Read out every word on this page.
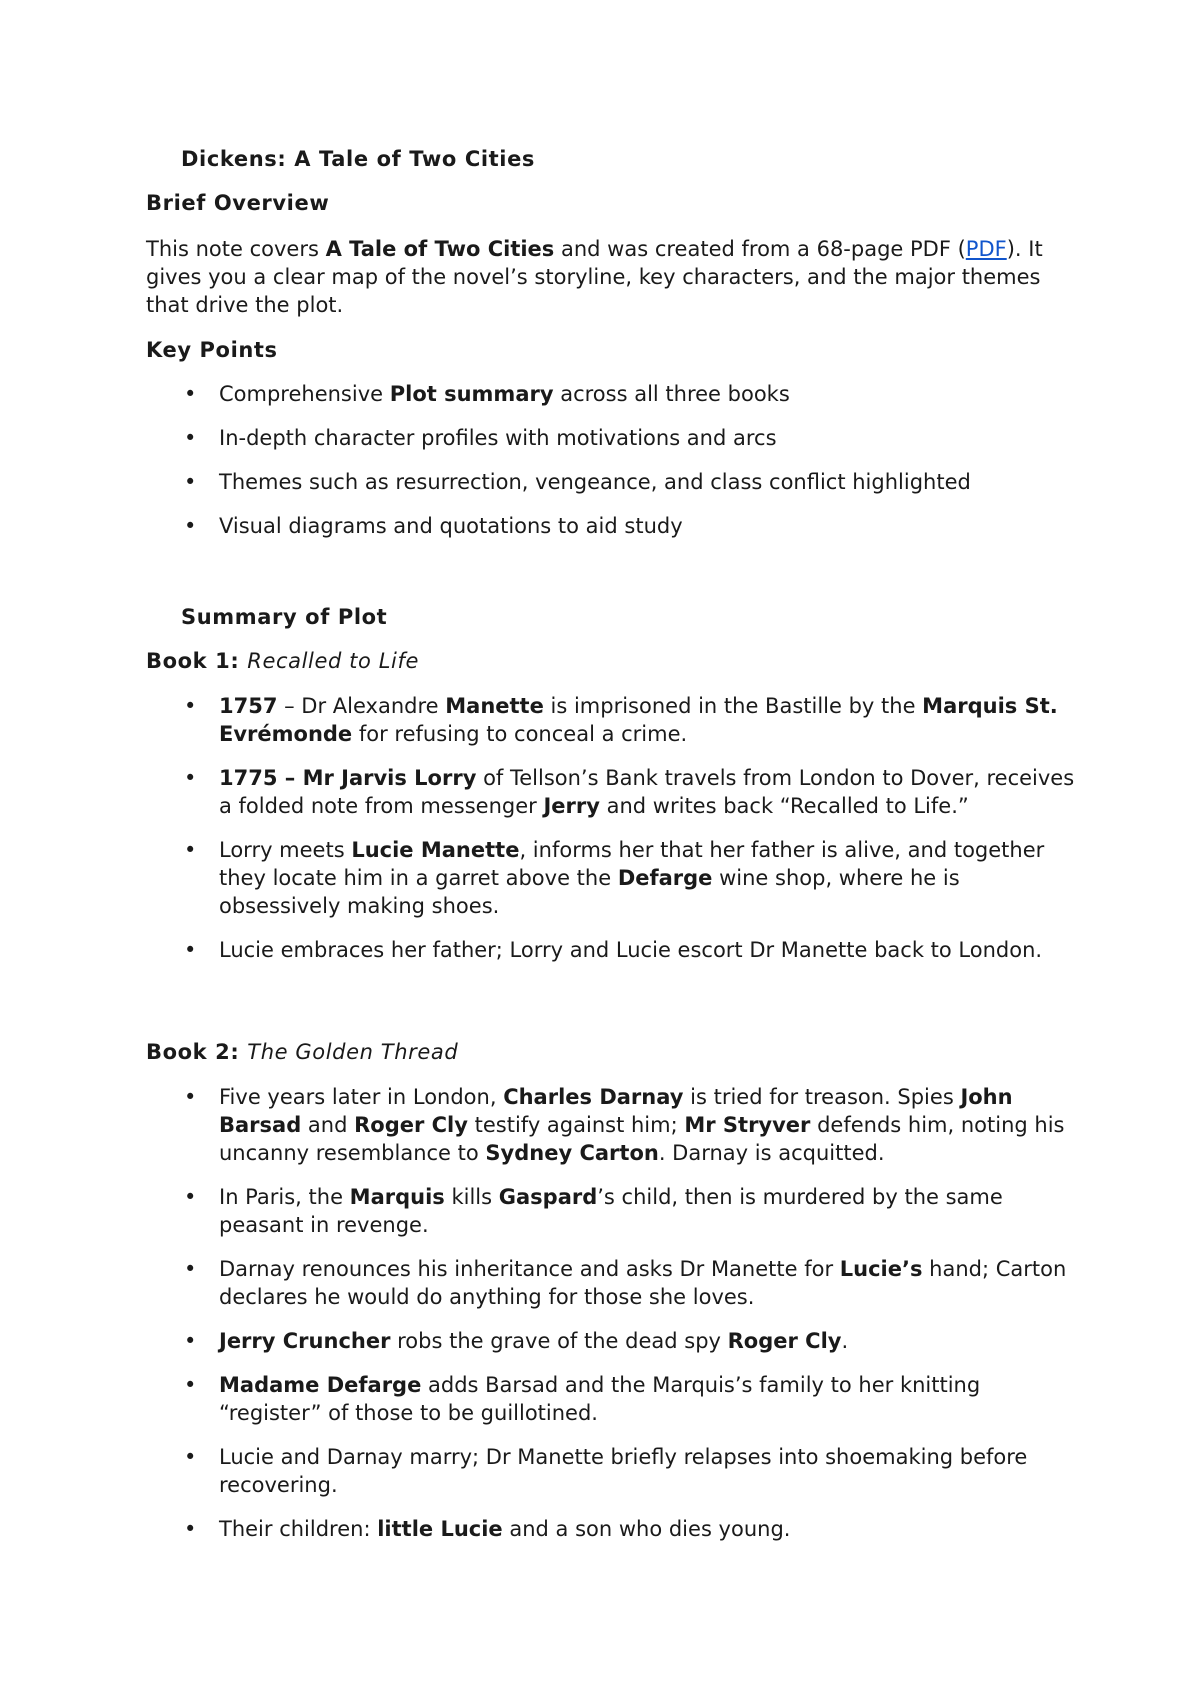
Dickens: A Tale of Two Cities
Brief Overview

This note covers A Tale of Two Cities and was created from a 68-page PDF (PDF). It gives you a clear map of the novel’s storyline, key characters, and the major themes that drive the plot.

Key Points
• Comprehensive Plot summary across all three books
• In-depth character profiles with motivations and arcs
• Themes such as resurrection, vengeance, and class conflict highlighted
• Visual diagrams and quotations to aid study
Summary of Plot
Book 1: Recalled to Life
• 1757 – Dr Alexandre Manette is imprisoned in the Bastille by the Marquis St. Evrémonde for refusing to conceal a crime.
• 1775 – Mr Jarvis Lorry of Tellson’s Bank travels from London to Dover, receives a folded note from messenger Jerry and writes back “Recalled to Life.”
• Lorry meets Lucie Manette, informs her that her father is alive, and together they locate him in a garret above the Defarge wine shop, where he is obsessively making shoes.
• Lucie embraces her father; Lorry and Lucie escort Dr Manette back to London.
Book 2: The Golden Thread
• Five years later in London, Charles Darnay is tried for treason. Spies John Barsad and Roger Cly testify against him; Mr Stryver defends him, noting his uncanny resemblance to Sydney Carton. Darnay is acquitted.
• In Paris, the Marquis kills Gaspard’s child, then is murdered by the same peasant in revenge.
• Darnay renounces his inheritance and asks Dr Manette for Lucie’s hand; Carton declares he would do anything for those she loves.
• Jerry Cruncher robs the grave of the dead spy Roger Cly.
• Madame Defarge adds Barsad and the Marquis’s family to her knitting “register” of those to be guillotined.
• Lucie and Darnay marry; Dr Manette briefly relapses into shoemaking before recovering.
• Their children: little Lucie and a son who dies young.
